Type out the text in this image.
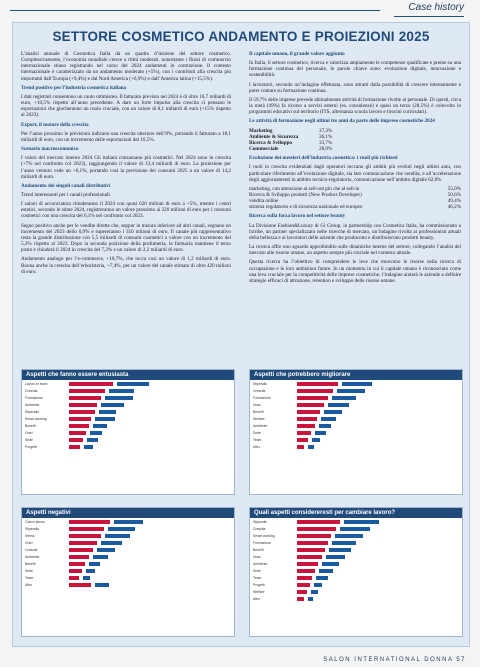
Case history
SETTORE COSMETICO ANDAMENTO E PROIEZIONI 2025

L’analisi annuale di Cosmetica Italia dà un quadro d’insieme del settore cosmetico. Complessivamente, l’economia mondiale cresce a ritmi moderati, nonostante i flussi di commercio internazionale stiano registrando nel corso del 2024 andamenti in contrazione. Il contesto internazionale è caratterizzato da un andamento moderato (+5%), con i contributi alla crescita più importanti dall’Europa (+9,4%) e dal Nord America (+6,9%) e dall’America latina (+15,5%).

Trend positivo per l’industria cosmetica italiana

I dati registrati consentono un cauto ottimismo. Il fatturato previsto nel 2024 è di oltre 16,7 miliardi di euro, +10,5% rispetto all’anno precedente. A dare un forte impulso alla crescita ci pensano le esportazioni che giocheranno un ruolo cruciale, con un valore di 8,1 miliardi di euro (+15% rispetto al 2023).

Export, il motore della crescita

Per l’anno prossimo le previsioni indicano una crescita ulteriore dell’8%, portando il fatturato a 18,1 miliardi di euro, con un incremento delle esportazioni del 10,5%.

Scenario macroeconomico

I valori del mercato interno 2024 Gli italiani consumano più cosmetici. Nel 2024 sono in crescita (+7% nel confronto col 2023), raggiungendo il valore di 13,4 miliardi di euro. La proiezione per l’anno venturo vede un +6,1%, portando così la previsione dei consumi 2025 a un valore di 14,2 miliardi di euro.

Andamento dei singoli canali distributivi

Trend interessanti per i canali professionali.

I saloni di acconciatura chiuderanno il 2024 con quasi 620 milioni di euro a +5%, mentre i centri estetici, secondo le stime 2024, registreranno un valore prossimo ai 220 milioni di euro per i consumi cosmetici con una crescita del 6,1% nel confronto col 2023.

Segno positivo anche per le vendite dirette che, seppur in misura inferiore ad altri canali, segnano un incremento del 2023 dello 0,9% e supereranno i 350 milioni di euro. Il canale più rappresentativo resta la grande distribuzione con 5,5 miliardi di consumi cosmetici a valore con un incremento del 5,3% rispetto al 2023. Dopo la seconda posizione della profumeria, la farmacia mantiene il terzo posto e chiuderà il 2024 in crescita del 7,2% e un valore di 2,2 miliardi di euro.

Andamento analogo per l’e-commerce, +10,7%, che tocca così un valore di 1,2 miliardi di euro. Buona anche la crescita dell’erboristeria, +7,4%, per un valore del canale stimato di oltre 420 milioni di euro.

Il capitale umano, il grande valore aggiunto

In Italia, il settore cosmetico, ricerca e valorizza ampiamente le competenze qualificate e preme su una formazione continua del personale, le parole chiave sono: evoluzione digitale, innovazione e sostenibilità.

I lavoratori, secondo un’indagine effettuata, sono attratti dalla possibilità di crescere internamente e poter contare su formazione continua.

Il 59,7% delle imprese prevede abitualmente attività di formazione rivolte al personale. Di questi, circa la metà (49%) fa ricorso a servizi esterni (es. consulenze) e quasi un terzo (28,5%) è coinvolto in programmi educativi sul territorio (ITS, alternanza scuola lavoro e tirocini curriculari).

Le attività di formazione negli ultimi tre anni da parte delle imprese cosmetiche 2024

Marketing	37,3%
Ambiente & Sicurezza	36,1%
Ricerca & Sviluppo	33,7%
Commerciale	28,9%

Evoluzione dei mestieri dell’industria cosmetica: i ruoli più richiesti

I ruoli in crescita evidenziati dagli operatori toccano gli ambiti più evoluti negli ultimi anni, con particolare riferimento all’evoluzione digitale, sia lato comunicazione che vendita, e all’accelerazione degli aggiornamenti in ambito tecnico-regolatorio, comunicazione nell’ambito digitale 62,0%

marketing, con attenzione al sell-out più che al sell-in	55,0%
Ricerca & Sviluppo prodotti (New Product Developer)	50,6%
vendita online	49,4%
sistema regolatorio e di sicurezza nazionale ed europeo	46,2%

Ricerca sulla forza lavoro nel settore beauty

La Divisione Fashion&Luxury di Gi Group, in partnership con Cosmetica Italia, ha commissionato a Ixtribe, un partner specializzato nelle ricerche di mercato, un’indagine rivolta ai professionisti attuali della bellezza e ai lavoratori delle aziende che producono e distribuiscono prodotti beauty.

La ricerca offre uno sguardo approfondito sulle dinamiche interne del settore, collegando l’analisi del mercato alle risorse umane, un aspetto sempre più cruciale nel contesto attuale.

Questa ricerca ha l’obiettivo di comprendere le leve che muovono le risorse nella ricerca di occupazione e le loro ambizioni future. In un momento in cui il capitale umano è riconosciuto come una leva cruciale per la competitività delle imprese cosmetiche, l’indagine aiuterà le aziende a definire strategie efficaci di attrazione, retention e sviluppo delle risorse umane.

Aspetti che fanno essere entusiasta
Lavoro in team
Crescita
Formazione
Ambiente
Stipendio
Smart working
Benefit
Orari
Sede
Progetti
Aspetti che potrebbero migliorare
Stipendio
Crescita
Formazione
Orari
Benefit
Welfare
Ambiente
Sede
Team
Altro
Aspetti negativi
Carico lavoro
Stipendio
Stress
Orari
Crescita
Ambiente
Benefit
Sede
Team
Altro
Quali aspetti considereresti per cambiare lavoro?
Stipendio
Crescita
Smart working
Formazione
Benefit
Orari
Ambiente
Sede
Team
Progetti
Welfare
Altro
SALON INTERNATIONAL DONNA 57
